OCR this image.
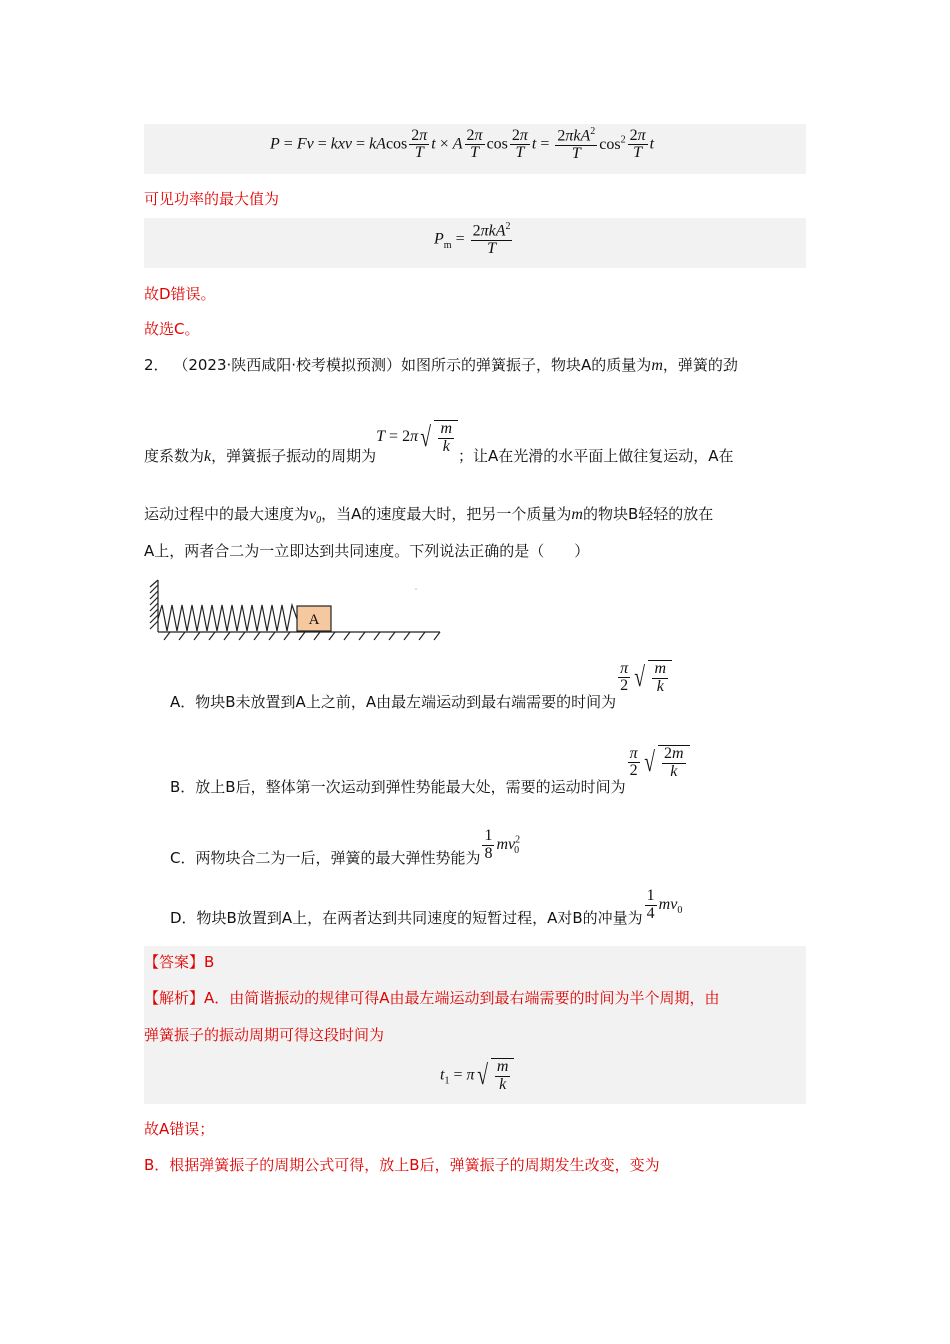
P = Fv = kxv = kAcos $\frac{2\pi}{T}$ t × A $\frac{2\pi}{T}$ $\cos \frac{2\pi}{T}$ $t = \frac{2\pi kA^2}{T} \cos^2 \frac{2\pi}{T}$ t
可见功率的最大值为
$P_m = \frac{2\pi kA^2}{T}$
故D错误。
故选C。
2． （2023·陕西咸阳·校考模拟预测）如图所示的弹簧振子，物块A的质量为m，弹簧的劲
度系数为k，弹簧振子振动的周期为T = 2π √ $\frac{m}{k}$
；让A在光滑的水平面上做往复运动，A在
运动过程中的最大速度为$v_0$，当A的速度最大时，把另一个质量为m的物块B轻轻的放在
A上，两者合二为一立即达到共同速度。下列说法正确的是（　　）
A
A．物块B未放置到A上之前，A由最左端运动到最右端需要的时间为
$\frac{\pi}{2}$ √ $\frac{m}{k}$
B．放上B后，整体第一次运动到弹性势能最大处，需要的运动时间为
$\frac{\pi}{2}$ √ $\frac{2m}{k}$
C．两物块合二为一后，弹簧的最大弹性势能为 $\frac{1}{8} mv^2_0$
D．物块B放置到A上，在两者达到共同速度的短暂过程，A对B的冲量为 $\frac{1}{4} mv_0$
【答案】B
【解析】A．由简谐振动的规律可得A由最左端运动到最右端需要的时间为半个周期，由
弹簧振子的振动周期可得这段时间为
$t_1 = \pi$ √ $\frac{m}{k}$
故A错误；
B．根据弹簧振子的周期公式可得，放上B后，弹簧振子的周期发生改变，变为
